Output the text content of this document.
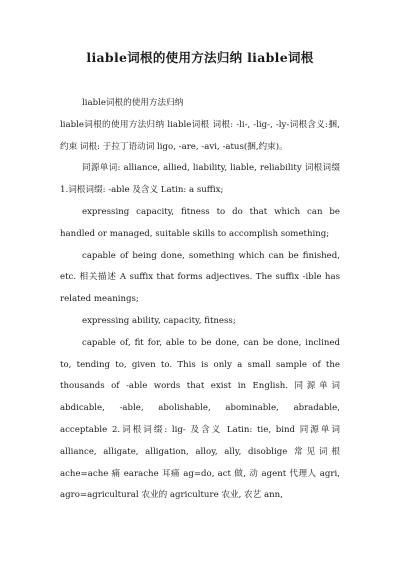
liable词根的使用方法归纳 liable词根

liable词根的使用方法归纳

liable词根的使用方法归纳 liable词根 词根: -li-, -lig-, -ly-词根含义:捆,约束 词根: 于拉丁语动词 ligo, -are, -avi, -atus(捆,约束)。

同源单词: alliance, allied, liability, liable, reliability 词根词缀1.词根词缀: -able 及含义 Latin: a suffix;

expressing capacity, fitness to do that which can be handled or managed, suitable skills to accomplish something;

capable of being done, something which can be finished, etc. 相关描述 A suffix that forms adjectives. The suffix -ible has related meanings;

expressing ability, capacity, fitness;

capable of, fit for, able to be done, can be done, inclined to, tending to, given to. This is only a small sample of the thousands of -able words that exist in English. 同源单词 abdicable, -able, abolishable, abominable, abradable, acceptable 2.词根词缀: lig- 及含义 Latin: tie, bind 同源单词 alliance, alligate, alligation, alloy, ally, disoblige 常见词根 ache=ache 痛 earache 耳痛 ag=do, act 做, 动 agent 代理人 agri, agro=agricultural 农业的 agriculture 农业, 农艺 ann,
